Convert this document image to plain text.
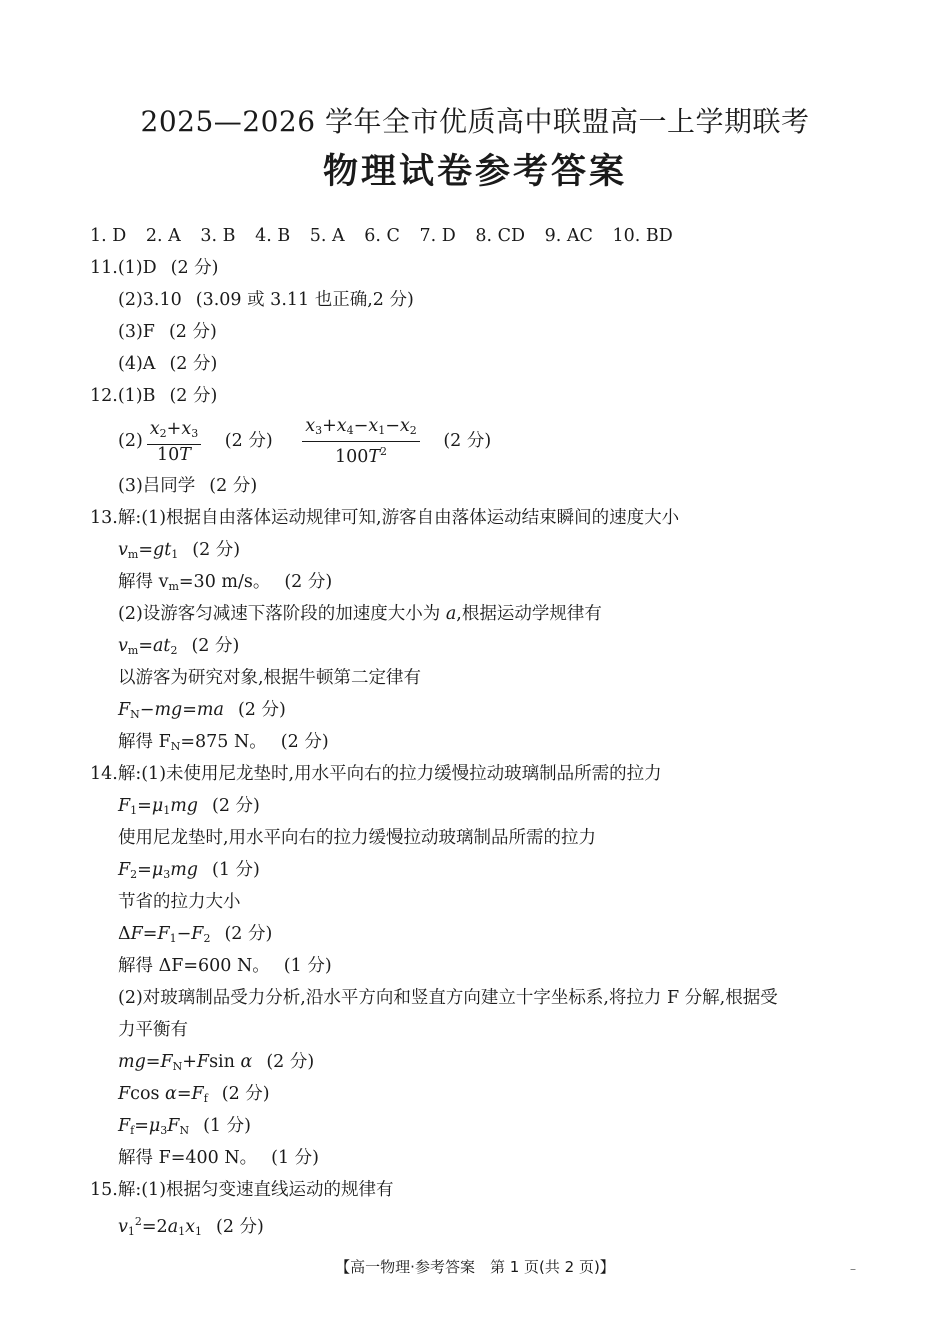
2025—2026 学年全市优质高中联盟高一上学期联考
物理试卷参考答案
1. D 2. A 3. B 4. B 5. A 6. C 7. D 8. CD 9. AC 10. BD
11.(1)D (2 分)
(2)3.10 (3.09 或 3.11 也正确,2 分)
(3)F (2 分)
(4)A (2 分)
12.(1)B (2 分)
$(2) \frac{x_2+x_3}{10T} (2$ 分) $\frac{x_3+x_4-x_1-x_2}{100T^2} (2$ 分)
(3)吕同学 (2 分)
13.解:(1)根据自由落体运动规律可知,游客自由落体运动结束瞬间的速度大小
$v_m=gt_1$ (2 分)
解得 $v_m=30$ m/s。 (2 分)
(2)设游客匀减速下落阶段的加速度大小为 a,根据运动学规律有
$v_m=at_2$ (2 分)
以游客为研究对象,根据牛顿第二定律有
$F_N-mg=ma$ (2 分)
解得 $F_N=875$ N。 (2 分)
14.解:(1)未使用尼龙垫时,用水平向右的拉力缓慢拉动玻璃制品所需的拉力
$F_1=\mu_1mg$ (2 分)
使用尼龙垫时,用水平向右的拉力缓慢拉动玻璃制品所需的拉力
$F_2=\mu_3mg$ (1 分)
节省的拉力大小
$\Delta F=F_1-F_2$ (2 分)
解得 ΔF=600 N。 (1 分)
(2)对玻璃制品受力分析,沿水平方向和竖直方向建立十字坐标系,将拉力 F 分解,根据受
力平衡有
$mg=F_N+Fsin$ α (2 分)
Fcos $\alpha=F_f$ (2 分)
$F_f=\mu_3F_N$ (1 分)
解得 F=400 N。 (1 分)
15.解:(1)根据匀变速直线运动的规律有
$v_1^2=2a_1x_1$ (2 分)
【高一物理·参考答案　第 1 页(共 2 页)】	–
